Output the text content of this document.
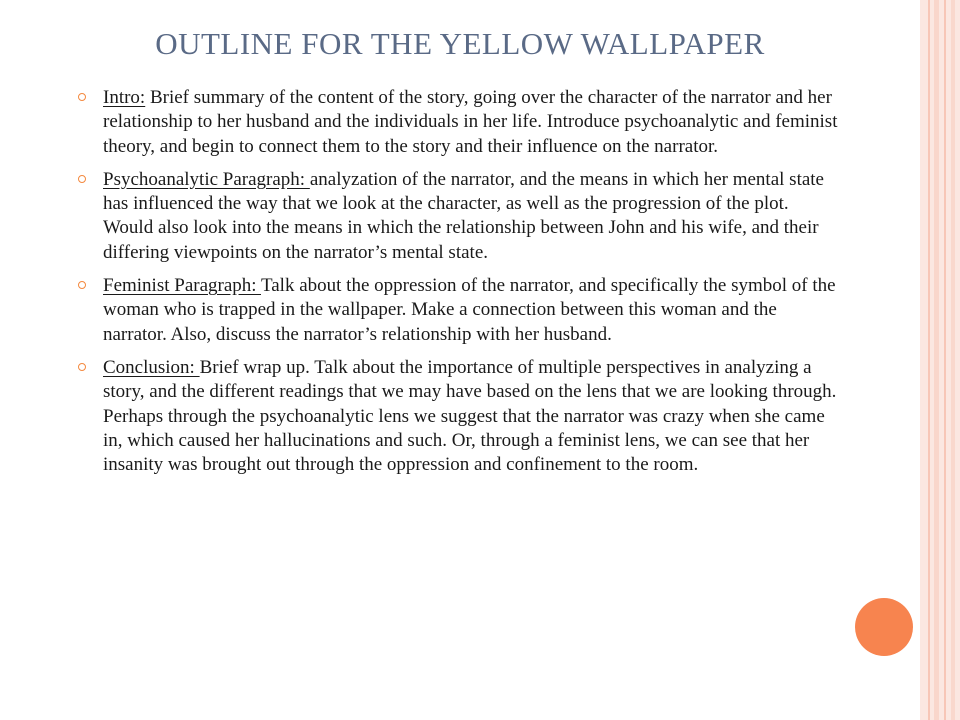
OUTLINE FOR THE YELLOW WALLPAPER
Intro: Brief summary of the content of the story, going over the character of the narrator and her relationship to her husband and the individuals in her life. Introduce psychoanalytic and feminist theory, and begin to connect them to the story and their influence on the narrator.
Psychoanalytic Paragraph: analyzation of the narrator, and the means in which her mental state has influenced the way that we look at the character, as well as the progression of the plot. Would also look into the means in which the relationship between John and his wife, and their differing viewpoints on the narrator’s mental state.
Feminist Paragraph: Talk about the oppression of the narrator, and specifically the symbol of the woman who is trapped in the wallpaper. Make a connection between this woman and the narrator. Also, discuss the narrator’s relationship with her husband.
Conclusion: Brief wrap up. Talk about the importance of multiple perspectives in analyzing a story, and the different readings that we may have based on the lens that we are looking through. Perhaps through the psychoanalytic lens we suggest that the narrator was crazy when she came in, which caused her hallucinations and such. Or, through a feminist lens, we can see that her insanity was brought out through the oppression and confinement to the room.
